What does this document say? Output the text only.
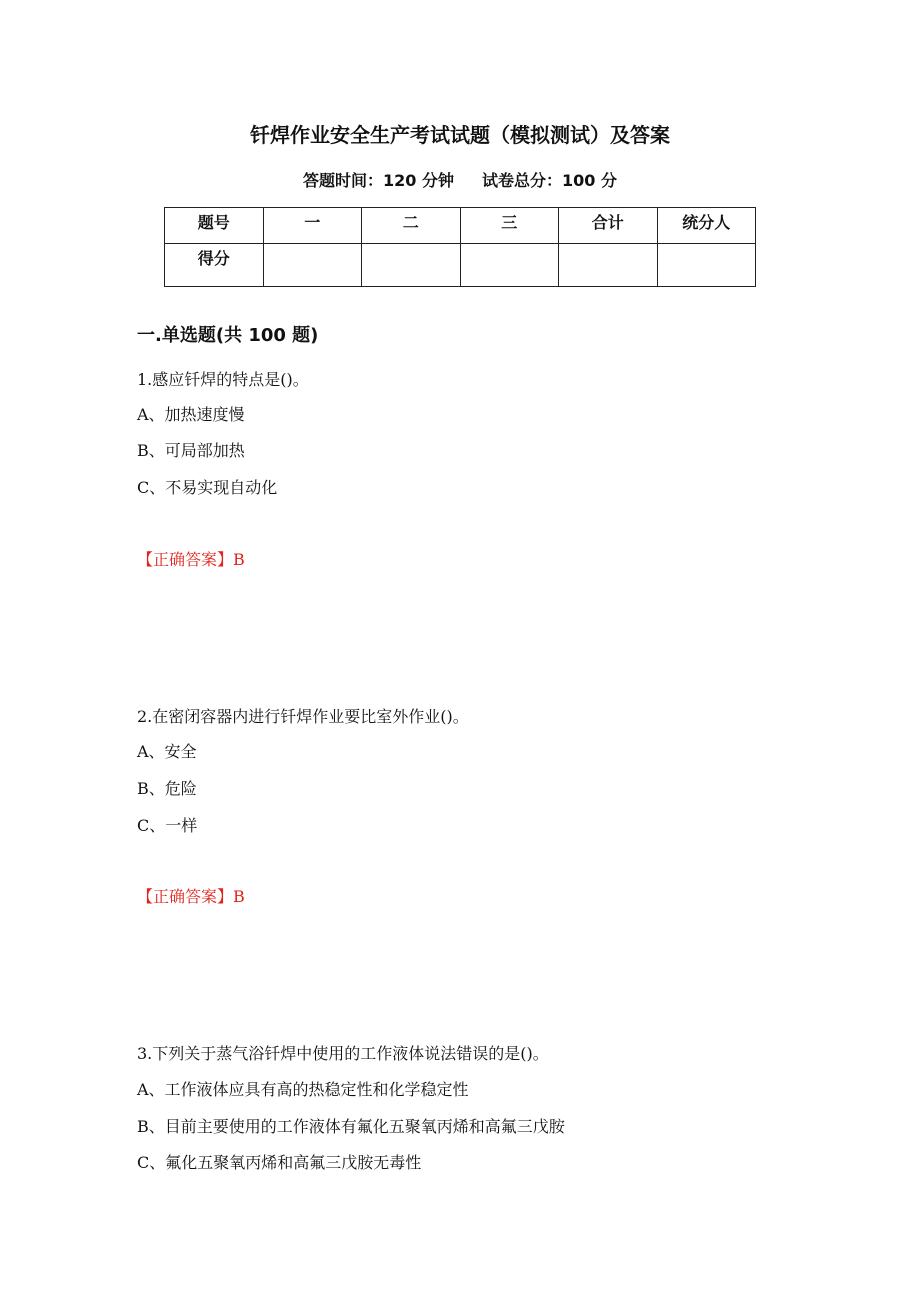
钎焊作业安全生产考试试题（模拟测试）及答案
答题时间：120 分钟 试卷总分：100 分
题号	一	二	三	合计	统分人
得分					
一.单选题(共 100 题)
1.感应钎焊的特点是()。
A、加热速度慢
B、可局部加热
C、不易实现自动化
【正确答案】B
2.在密闭容器内进行钎焊作业要比室外作业()。
A、安全
B、危险
C、一样
【正确答案】B
3.下列关于蒸气浴钎焊中使用的工作液体说法错误的是()。
A、工作液体应具有高的热稳定性和化学稳定性
B、目前主要使用的工作液体有氟化五聚氧丙烯和高氟三戊胺
C、氟化五聚氧丙烯和高氟三戊胺无毒性
